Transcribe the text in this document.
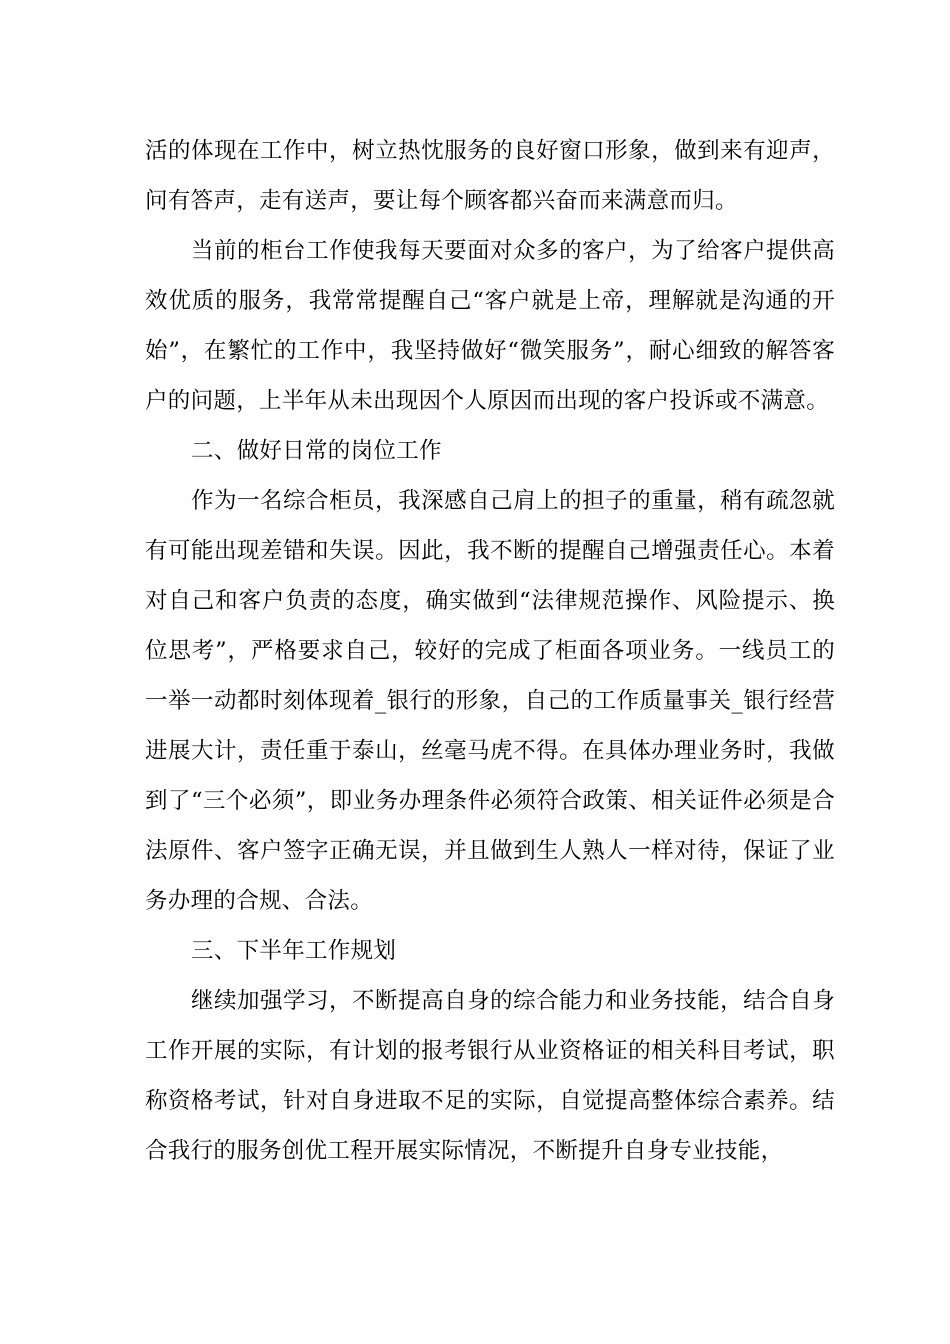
活的体现在工作中，树立热忱服务的良好窗口形象，做到来有迎声，问有答声，走有送声，要让每个顾客都兴奋而来满意而归。

当前的柜台工作使我每天要面对众多的客户，为了给客户提供高效优质的服务，我常常提醒自己“客户就是上帝，理解就是沟通的开始”，在繁忙的工作中，我坚持做好“微笑服务”，耐心细致的解答客户的问题，上半年从未出现因个人原因而出现的客户投诉或不满意。

二、做好日常的岗位工作

作为一名综合柜员，我深感自己肩上的担子的重量，稍有疏忽就有可能出现差错和失误。因此，我不断的提醒自己增强责任心。本着对自己和客户负责的态度，确实做到“法律规范操作、风险提示、换位思考”，严格要求自己，较好的完成了柜面各项业务。一线员工的一举一动都时刻体现着_银行的形象，自己的工作质量事关_银行经营进展大计，责任重于泰山，丝毫马虎不得。在具体办理业务时，我做到了“三个必须”，即业务办理条件必须符合政策、相关证件必须是合法原件、客户签字正确无误，并且做到生人熟人一样对待，保证了业务办理的合规、合法。

三、下半年工作规划

继续加强学习，不断提高自身的综合能力和业务技能，结合自身工作开展的实际，有计划的报考银行从业资格证的相关科目考试，职称资格考试，针对自身进取不足的实际，自觉提高整体综合素养。结合我行的服务创优工程开展实际情况，不断提升自身专业技能，
